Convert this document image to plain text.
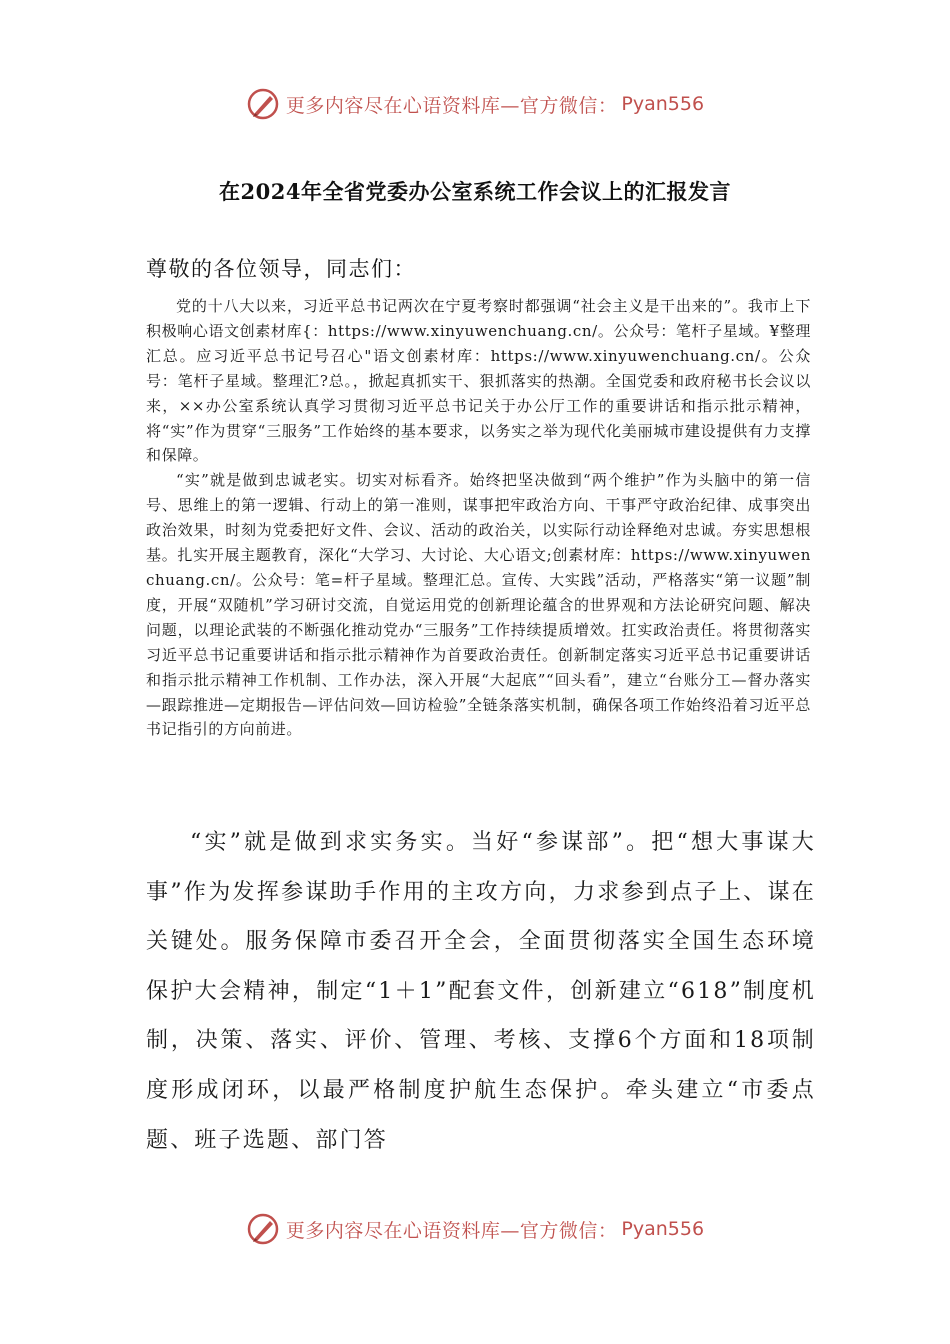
更多内容尽在心语资料库—官方微信： Pyan556
在2024年全省党委办公室系统工作会议上的汇报发言
尊敬的各位领导，同志们：

党的十八大以来，习近平总书记两次在宁夏考察时都强调“社会主义是干出来的”。我市上下积极响心语文创素材库{：https://www.xinyuwenchuang.cn/。公众号：笔杆子星域。¥整理汇总。应习近平总书记号召心"语文创素材库：https://www.xinyuwenchuang.cn/。公众号：笔杆子星域。整理汇?总。，掀起真抓实干、狠抓落实的热潮。全国党委和政府秘书长会议以来，××办公室系统认真学习贯彻习近平总书记关于办公厅工作的重要讲话和指示批示精神，将“实”作为贯穿“三服务”工作始终的基本要求，以务实之举为现代化美丽城市建设提供有力支撑和保障。

“实”就是做到忠诚老实。切实对标看齐。始终把坚决做到“两个维护”作为头脑中的第一信号、思维上的第一逻辑、行动上的第一准则，谋事把牢政治方向、干事严守政治纪律、成事突出政治效果，时刻为党委把好文件、会议、活动的政治关，以实际行动诠释绝对忠诚。夯实思想根基。扎实开展主题教育，深化“大学习、大讨论、大心语文;创素材库：https://www.xinyuwenchuang.cn/。公众号：笔=杆子星域。整理汇总。宣传、大实践”活动，严格落实“第一议题”制度，开展“双随机”学习研讨交流，自觉运用党的创新理论蕴含的世界观和方法论研究问题、解决问题，以理论武装的不断强化推动党办“三服务”工作持续提质增效。扛实政治责任。将贯彻落实习近平总书记重要讲话和指示批示精神作为首要政治责任。创新制定落实习近平总书记重要讲话和指示批示精神工作机制、工作办法，深入开展“大起底”“回头看”，建立“台账分工—督办落实—跟踪推进—定期报告—评估问效—回访检验”全链条落实机制，确保各项工作始终沿着习近平总书记指引的方向前进。

“实”就是做到求实务实。当好“参谋部”。把“想大事谋大事”作为发挥参谋助手作用的主攻方向，力求参到点子上、谋在关键处。服务保障市委召开全会，全面贯彻落实全国生态环境保护大会精神，制定“1＋1”配套文件，创新建立“618”制度机制，决策、落实、评价、管理、考核、支撑6个方面和18项制度形成闭环，以最严格制度护航生态保护。牵头建立“市委点题、班子选题、部门答

更多内容尽在心语资料库—官方微信： Pyan556
